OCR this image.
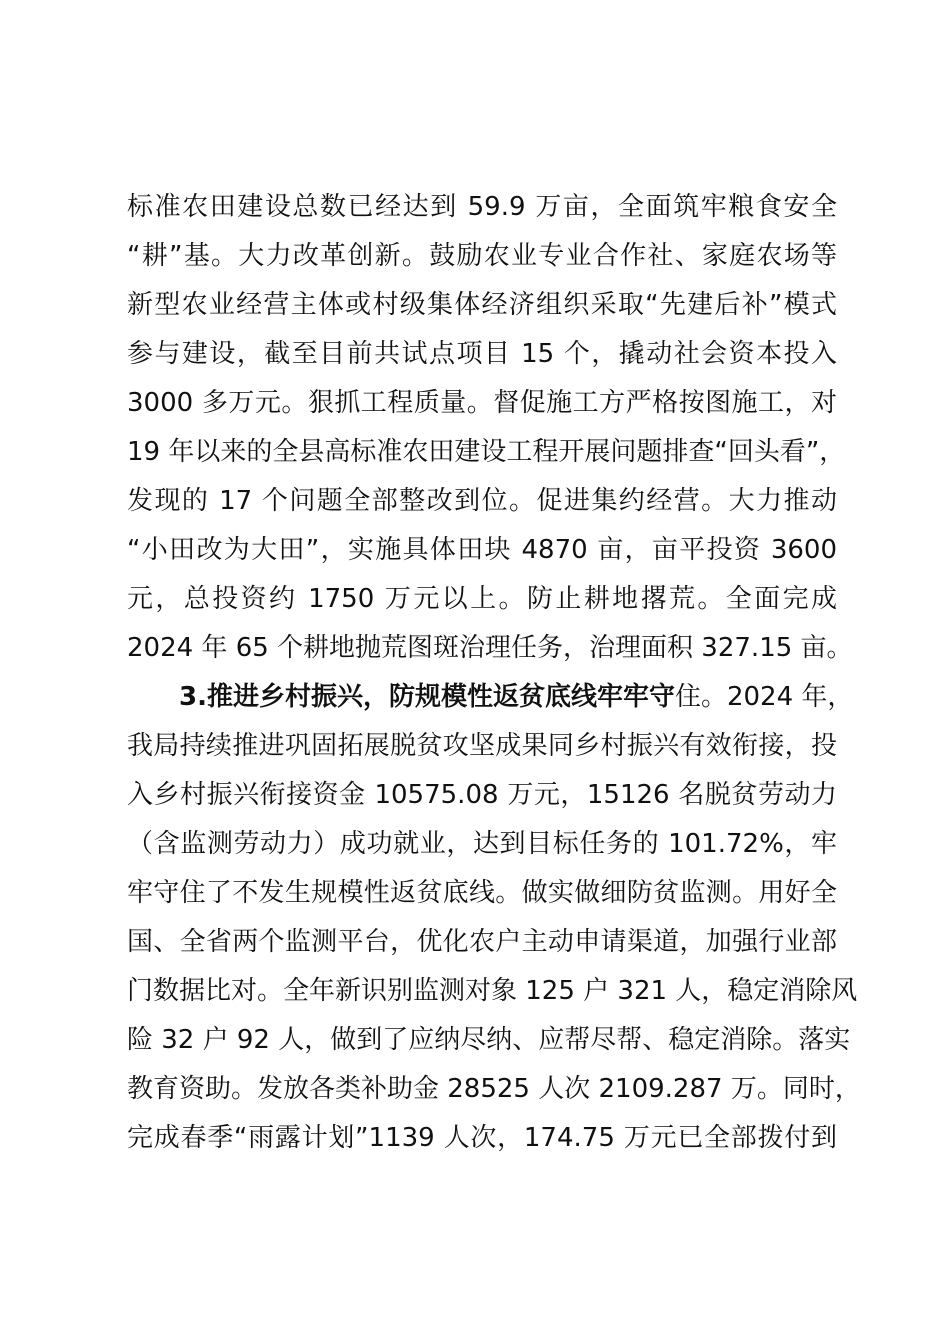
标准农田建设总数已经达到 59.9 万亩，全面筑牢粮食安全
“耕”基。大力改革创新。鼓励农业专业合作社、家庭农场等
新型农业经营主体或村级集体经济组织采取“先建后补”模式
参与建设，截至目前共试点项目 15 个，撬动社会资本投入
3000 多万元。狠抓工程质量。督促施工方严格按图施工，对
19 年以来的全县高标准农田建设工程开展问题排查“回头看”，
发现的 17 个问题全部整改到位。促进集约经营。大力推动
“小田改为大田”，实施具体田块 4870 亩，亩平投资 3600
元，总投资约 1750 万元以上。防止耕地撂荒。全面完成
2024 年 65 个耕地抛荒图斑治理任务，治理面积 327.15 亩。
3.推进乡村振兴，防规模性返贫底线牢牢守住。2024 年，
我局持续推进巩固拓展脱贫攻坚成果同乡村振兴有效衔接，投
入乡村振兴衔接资金 10575.08 万元，15126 名脱贫劳动力
（含监测劳动力）成功就业，达到目标任务的 101.72%，牢
牢守住了不发生规模性返贫底线。做实做细防贫监测。用好全
国、全省两个监测平台，优化农户主动申请渠道，加强行业部
门数据比对。全年新识别监测对象 125 户 321 人，稳定消除风
险 32 户 92 人，做到了应纳尽纳、应帮尽帮、稳定消除。落实
教育资助。发放各类补助金 28525 人次 2109.287 万。同时，
完成春季“雨露计划”1139 人次，174.75 万元已全部拨付到
